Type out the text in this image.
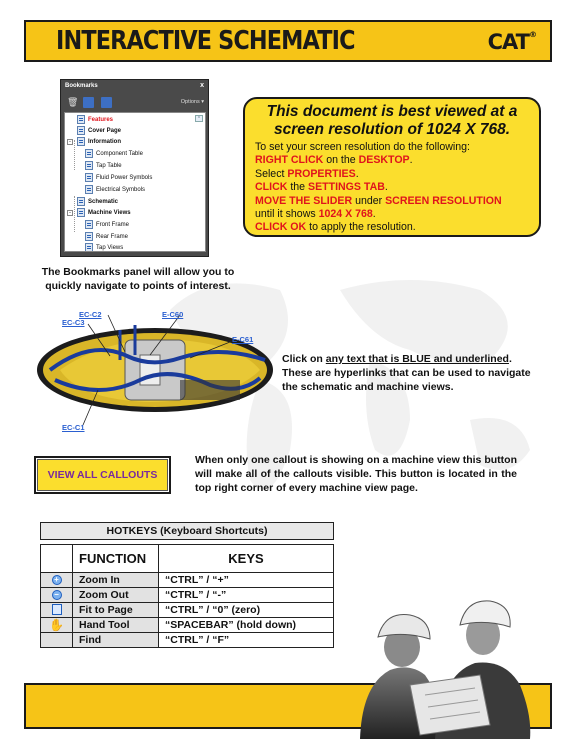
INTERACTIVE SCHEMATIC	CAT®
Bookmarks	x
🗑	Options ▾
⌃
Features
Cover Page
-	Information
Component Table
Tap Table
Fluid Power Symbols
Electrical Symbols
Schematic
-	Machine Views
Front Frame
Rear Frame
Tap Views
This document is best viewed at a screen resolution of 1024 X 768.
To set your screen resolution do the following:
RIGHT CLICK on the DESKTOP.
Select PROPERTIES.
CLICK the SETTINGS TAB.
MOVE THE SLIDER under SCREEN RESOLUTION
until it shows 1024 X 768.
CLICK OK to apply the resolution.
The Bookmarks panel will allow you to quickly navigate to points of interest.
EC-C2
EC-C3
E-C60
E-C61
EC-C1
Click on any text that is BLUE and underlined. These are hyperlinks that can be used to navigate the schematic and machine views.
VIEW ALL CALLOUTS
When only one callout is showing on a machine view this button will make all of the callouts visible. This button is located in the top right corner of every machine view page.
HOTKEYS (Keyboard Shortcuts)
	FUNCTION	KEYS
+	Zoom In	“CTRL” / “+”
−	Zoom Out	“CTRL” / “-”
	Fit to Page	“CTRL” / “0” (zero)
✋	Hand Tool	“SPACEBAR” (hold down)
	Find	“CTRL” / “F”
